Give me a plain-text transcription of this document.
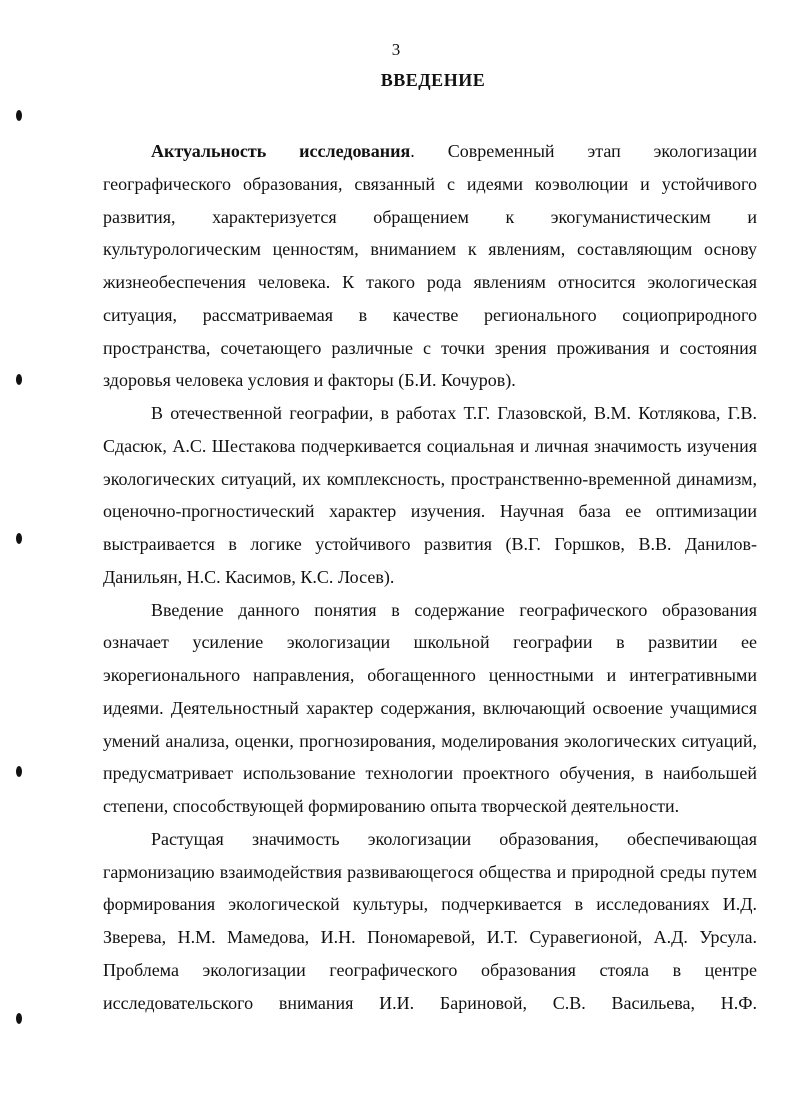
3
ВВЕДЕНИЕ

Актуальность исследования. Современный этап экологизации географического образования, связанный с идеями коэволюции и устойчивого развития, характеризуется обращением к экогуманистическим и культурологическим ценностям, вниманием к явлениям, составляющим основу жизнеобеспечения человека. К такого рода явлениям относится экологическая ситуация, рассматриваемая в качестве регионального социоприродного пространства, сочетающего различные с точки зрения проживания и состояния здоровья человека условия и факторы (Б.И. Кочуров).

В отечественной географии, в работах Т.Г. Глазовской, В.М. Котлякова, Г.В. Сдасюк, А.С. Шестакова подчеркивается социальная и личная значимость изучения экологических ситуаций, их комплексность, пространственно-временной динамизм, оценочно-прогностический характер изучения. Научная база ее оптимизации выстраивается в логике устойчивого развития (В.Г. Горшков, В.В. Данилов-Данильян, Н.С. Касимов, К.С. Лосев).

Введение данного понятия в содержание географического образования означает усиление экологизации школьной географии в развитии ее экорегионального направления, обогащенного ценностными и интегративными идеями. Деятельностный характер содержания, включающий освоение учащимися умений анализа, оценки, прогнозирования, моделирования экологических ситуаций, предусматривает использование технологии проектного обучения, в наибольшей степени, способствующей формированию опыта творческой деятельности.

Растущая значимость экологизации образования, обеспечивающая гармонизацию взаимодействия развивающегося общества и природной среды путем формирования экологической культуры, подчеркивается в исследованиях И.Д. Зверева, Н.М. Мамедова, И.Н. Пономаревой, И.Т. Суравегионой, А.Д. Урсула. Проблема экологизации географического образования стояла в центре исследовательского внимания И.И. Бариновой, С.В. Васильева, Н.Ф.
